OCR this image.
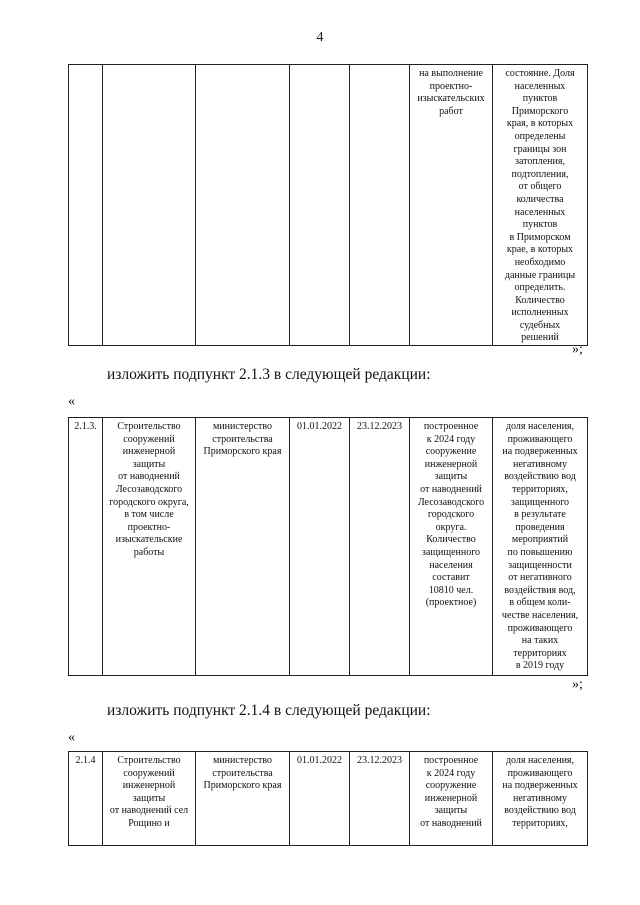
4
					на выполнение
проектно-
изыскательских
работ	состояние. Доля
населенных
пунктов
Приморского
края, в которых
определены
границы зон
затопления,
подтопления,
от общего
количества
населенных
пунктов
в Приморском
крае, в которых
необходимо
данные границы
определить.
Количество
исполненных
судебных
решений
»;
изложить подпункт 2.1.3 в следующей редакции:
«
2.1.3.	Строительство
сооружений
инженерной
защиты
от наводнений
Лесозаводского
городского округа,
в том числе
проектно-
изыскательские
работы	министерство
строительства
Приморского края	01.01.2022	23.12.2023	построенное
к 2024 году
сооружение
инженерной
защиты
от наводнений
Лесозаводского
городского
округа.
Количество
защищенного
населения
составит
10810 чел.
(проектное)	доля населения,
проживающего
на подверженных
негативному
воздействию вод
территориях,
защищенного
в результате
проведения
мероприятий
по повышению
защищенности
от негативного
воздействия вод,
в общем коли-
честве населения,
проживающего
на таких
территориях
в 2019 году
»;
изложить подпункт 2.1.4 в следующей редакции:
«
2.1.4	Строительство
сооружений
инженерной
защиты
от наводнений сел
Рощино и	министерство
строительства
Приморского края	01.01.2022	23.12.2023	построенное
к 2024 году
сооружение
инженерной
защиты
от наводнений	доля населения,
проживающего
на подверженных
негативному
воздействию вод
территориях,
